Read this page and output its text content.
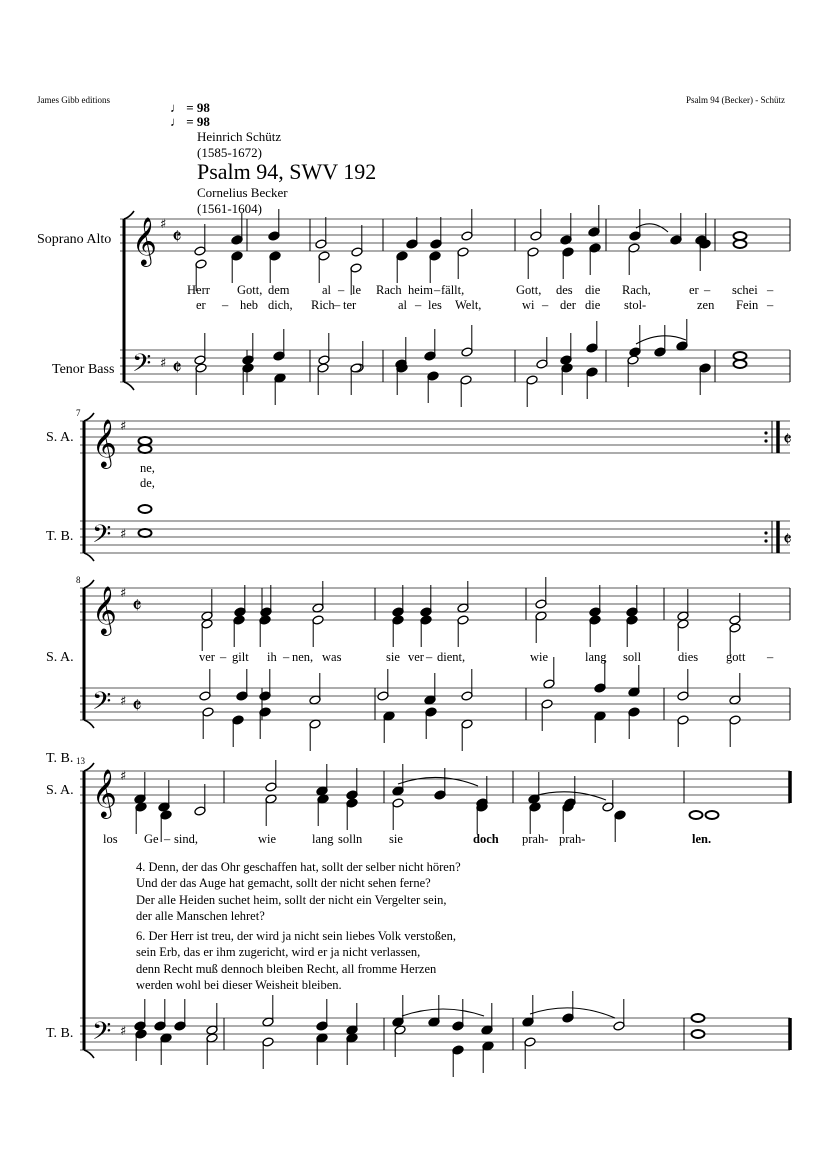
James Gibb editions	Psalm 94 (Becker) - Schütz
♩ = 98
♩ = 98
Heinrich Schütz
(1585-1672)
Psalm 94, SWV 192
Cornelius Becker
(1561-1604)
Soprano Alto
Tenor Bass
S. A.
T. B.
S. A.
T. B.
S. A.
T. B.
7
8
13
𝄞
𝄢
♯
♯
𝄵
𝄵
𝄞
𝄢
♯
♯
𝄵
𝄵
𝄞
𝄢
♯
♯
𝄵
𝄵
𝄞
𝄢
♯
♯
Herr Gott, dem	al – le Rach heim – fällt,	Gott, des die Rach,	er – schei –
er – heb dich, Rich – ter	al – les Welt,	wi – der die stol-	zen Fein –
ne,
de,
ver – gilt ih – nen, was	sie ver – dient,	wie	lang soll	dies gott –
los Ge – sind,	wie	lang solln sie	doch prah- prah-	len.
4. Denn, der das Ohr geschaffen hat, sollt der selber nicht hören?
Und der das Auge hat gemacht, sollt der nicht sehen ferne?
Der alle Heiden suchet heim, sollt der nicht ein Vergelter sein,
der alle Manschen lehret?
6. Der Herr ist treu, der wird ja nicht sein liebes Volk verstoßen,
sein Erb, das er ihm zugericht, wird er ja nicht verlassen,
denn Recht muß dennoch bleiben Recht, all fromme Herzen
werden wohl bei dieser Weisheit bleiben.
